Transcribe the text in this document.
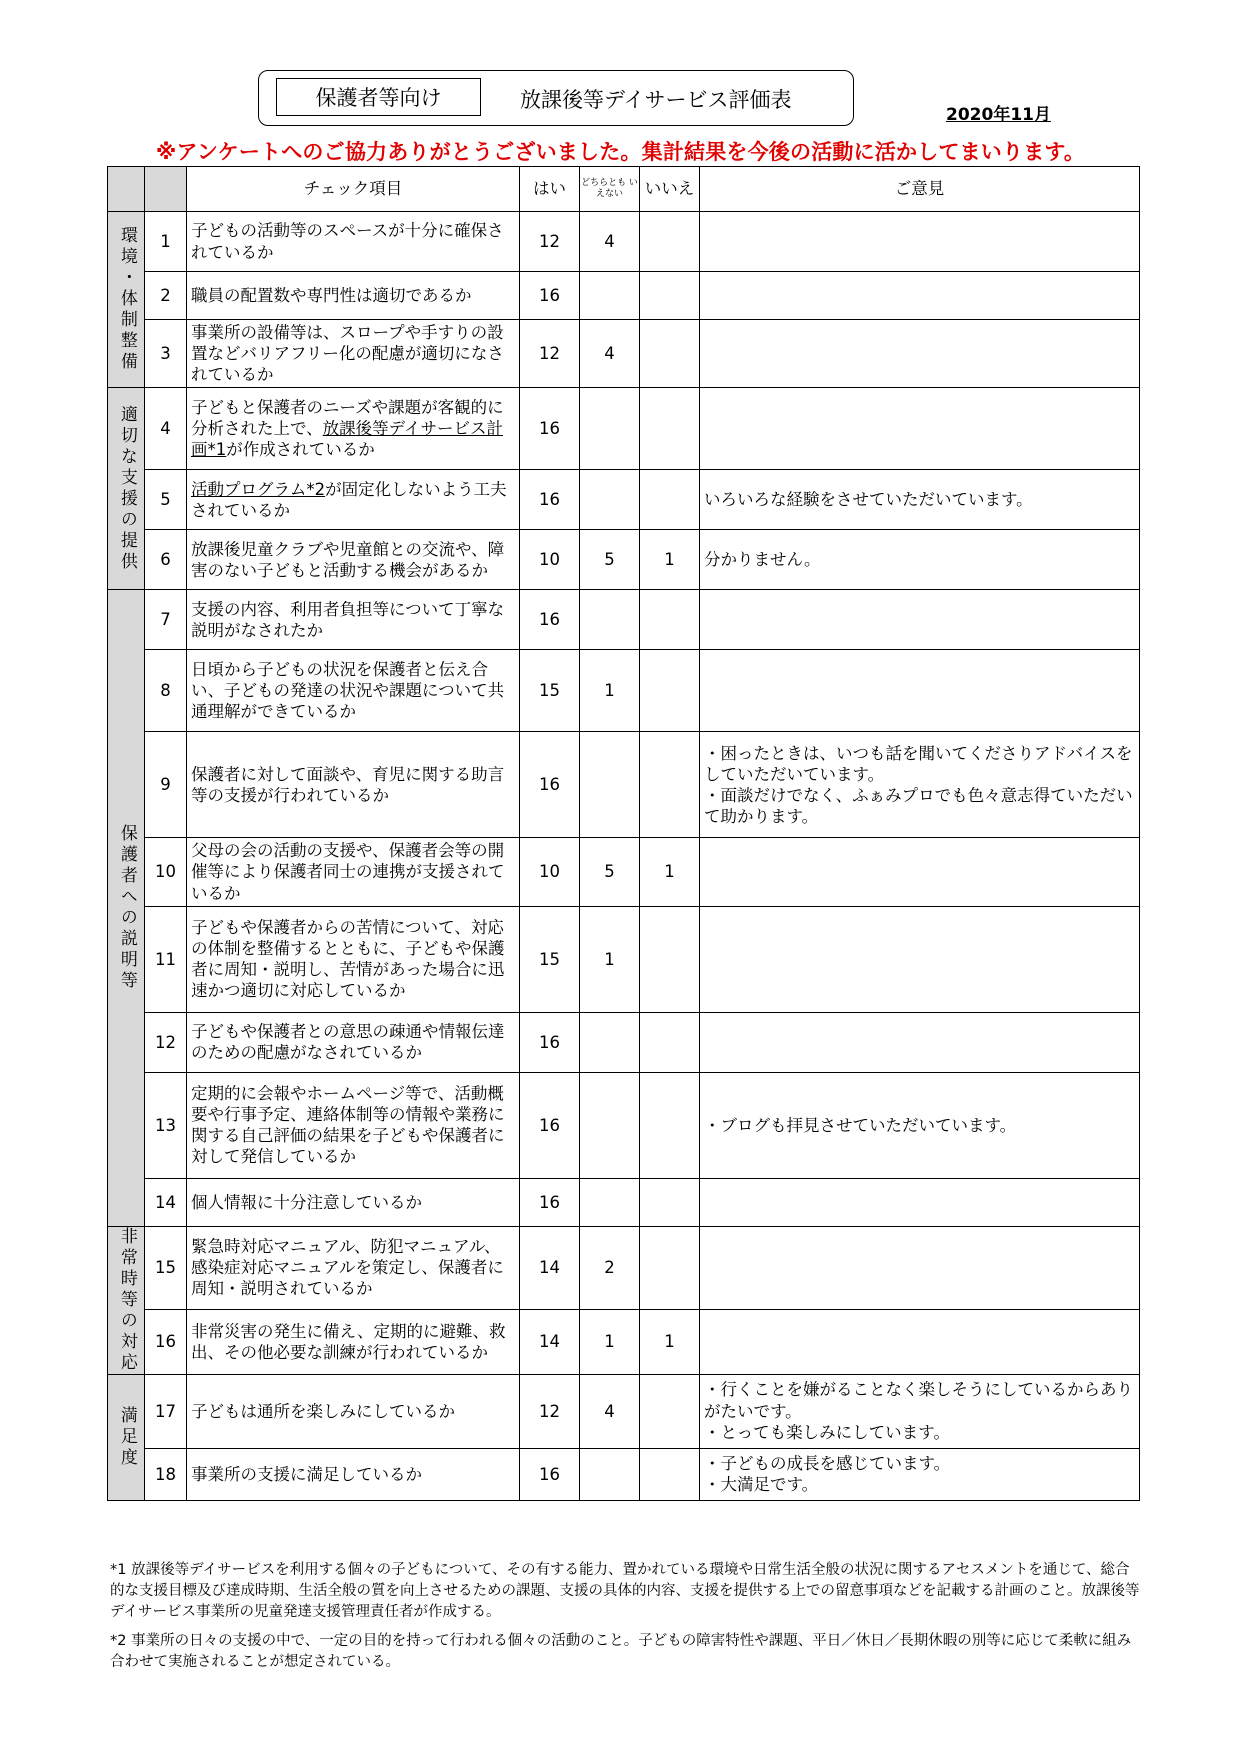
保護者等向け	放課後等デイサービス評価表
2020年11月
※アンケートへのご協力ありがとうございました。集計結果を今後の活動に活かしてまいります。
		チェック項目	はい	どちらとも いえない	いいえ	ご意見
環境・体制整備	1	子どもの活動等のスペースが十分に確保されているか	12	4		
	2	職員の配置数や専門性は適切であるか	16			
	3	事業所の設備等は、スロープや手すりの設置などバリアフリー化の配慮が適切になされているか	12	4		
適切な支援の提供	4	子どもと保護者のニーズや課題が客観的に分析された上で、放課後等デイサービス計画*1が作成されているか	16			
	5	活動プログラム*2が固定化しないよう工夫されているか	16			いろいろな経験をさせていただいています。
	6	放課後児童クラブや児童館との交流や、障害のない子どもと活動する機会があるか	10	5	1	分かりません。
保護者への説明等	7	支援の内容、利用者負担等について丁寧な説明がなされたか	16			
	8	日頃から子どもの状況を保護者と伝え合い、子どもの発達の状況や課題について共通理解ができているか	15	1		
	9	保護者に対して面談や、育児に関する助言等の支援が行われているか	16			・困ったときは、いつも話を聞いてくださりアドバイスをしていただいています。
・面談だけでなく、ふぁみプロでも色々意志得ていただいて助かります。

	10	父母の会の活動の支援や、保護者会等の開催等により保護者同士の連携が支援されているか	10	5	1	
	11	子どもや保護者からの苦情について、対応の体制を整備するとともに、子どもや保護者に周知・説明し、苦情があった場合に迅速かつ適切に対応しているか	15	1		
	12	子どもや保護者との意思の疎通や情報伝達のための配慮がなされているか	16			
	13	定期的に会報やホームページ等で、活動概要や行事予定、連絡体制等の情報や業務に関する自己評価の結果を子どもや保護者に対して発信しているか	16			・ブログも拝見させていただいています。
	14	個人情報に十分注意しているか	16			
非常時等の対応	15	緊急時対応マニュアル、防犯マニュアル、感染症対応マニュアルを策定し、保護者に周知・説明されているか	14	2		
	16	非常災害の発生に備え、定期的に避難、救出、その他必要な訓練が行われているか	14	1	1	
満足度	17	子どもは通所を楽しみにしているか	12	4		・行くことを嫌がることなく楽しそうにしているからありがたいです。
・とっても楽しみにしています。

	18	事業所の支援に満足しているか	16			・子どもの成長を感じています。
・大満足です。

*1 放課後等デイサービスを利用する個々の子どもについて、その有する能力、置かれている環境や日常生活全般の状況に関するアセスメントを通じて、総合的な支援目標及び達成時期、生活全般の質を向上させるための課題、支援の具体的内容、支援を提供する上での留意事項などを記載する計画のこと。放課後等デイサービス事業所の児童発達支援管理責任者が作成する。

*2 事業所の日々の支援の中で、一定の目的を持って行われる個々の活動のこと。子どもの障害特性や課題、平日／休日／長期休暇の別等に応じて柔軟に組み合わせて実施されることが想定されている。
